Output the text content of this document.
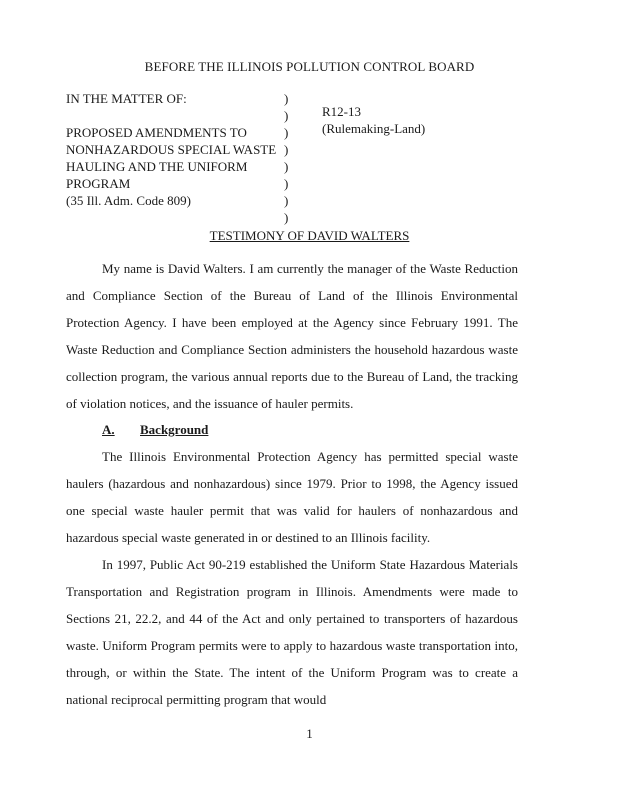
BEFORE THE ILLINOIS POLLUTION CONTROL BOARD
IN THE MATTER OF:

PROPOSED AMENDMENTS TO
NONHAZARDOUS SPECIAL WASTE
HAULING AND THE UNIFORM
PROGRAM
(35 Ill. Adm. Code 809)
)
)
)
)
)
)
)
)
R12-13
(Rulemaking-Land)
TESTIMONY OF DAVID WALTERS

My name is David Walters. I am currently the manager of the Waste Reduction and Compliance Section of the Bureau of Land of the Illinois Environmental Protection Agency. I have been employed at the Agency since February 1991. The Waste Reduction and Compliance Section administers the household hazardous waste collection program, the various annual reports due to the Bureau of Land, the tracking of violation notices, and the issuance of hauler permits.

A. Background

The Illinois Environmental Protection Agency has permitted special waste haulers (hazardous and nonhazardous) since 1979. Prior to 1998, the Agency issued one special waste hauler permit that was valid for haulers of nonhazardous and hazardous special waste generated in or destined to an Illinois facility.

In 1997, Public Act 90-219 established the Uniform State Hazardous Materials Transportation and Registration program in Illinois. Amendments were made to Sections 21, 22.2, and 44 of the Act and only pertained to transporters of hazardous waste. Uniform Program permits were to apply to hazardous waste transportation into, through, or within the State. The intent of the Uniform Program was to create a national reciprocal permitting program that would

1
